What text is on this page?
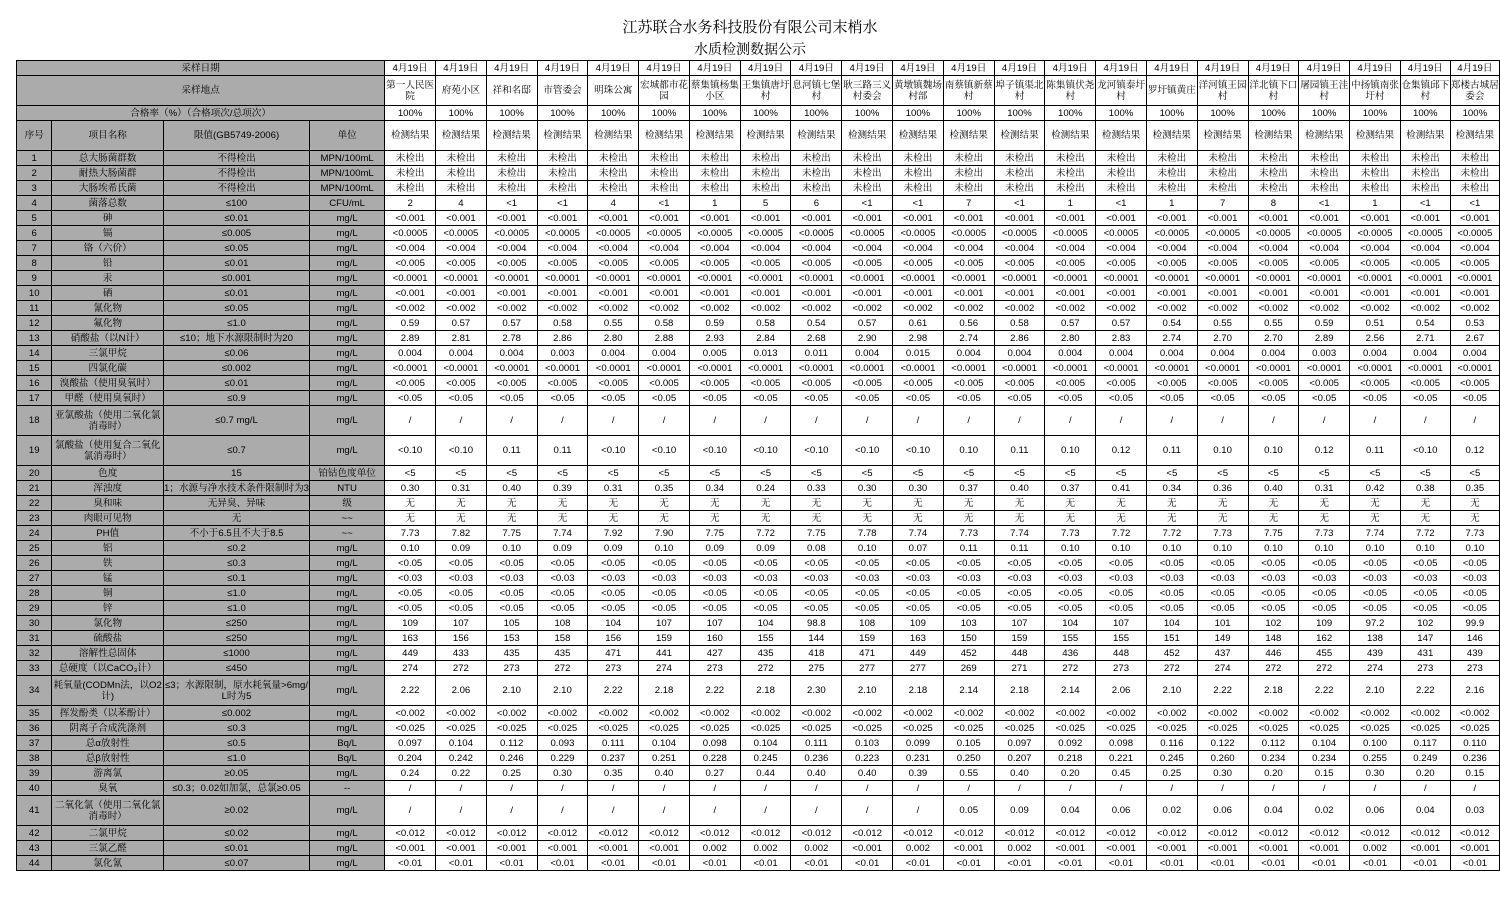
江苏联合水务科技股份有限公司末梢水
水质检测数据公示
采样日期				4月19日	4月19日	4月19日	4月19日	4月19日	4月19日	4月19日	4月19日	4月19日	4月19日	4月19日	4月19日	4月19日	4月19日	4月19日	4月19日	4月19日	4月19日	4月19日	4月19日	4月19日	4月19日
采样地点				第一人民医院	府苑小区	祥和名邸	市管委会	明珠公寓	宏城都市花园	蔡集镇杨集小区	王集镇唐圩村	息河镇七堡村	耿三路三义村委会	黄墩镇魏场村部	南蔡镇新蔡村	埠子镇渠北村	陈集镇伏尧村	龙河镇泰圩村	罗圩镇黄庄	洋河镇王园村	洋北镇下口村	屠园镇王洼村	中扬镇南张圩村	仓集镇邱下村	郑楼古城居委会
合格率（%）（合格项次/总项次）				100%	100%	100%	100%	100%	100%	100%	100%	100%	100%	100%	100%	100%	100%	100%	100%	100%	100%	100%	100%	100%	100%
序号	项目名称	限值(GB5749-2006)	单位	检测结果	检测结果	检测结果	检测结果	检测结果	检测结果	检测结果	检测结果	检测结果	检测结果	检测结果	检测结果	检测结果	检测结果	检测结果	检测结果	检测结果	检测结果	检测结果	检测结果	检测结果	检测结果
1	总大肠菌群数	不得检出	MPN/100mL	未检出	未检出	未检出	未检出	未检出	未检出	未检出	未检出	未检出	未检出	未检出	未检出	未检出	未检出	未检出	未检出	未检出	未检出	未检出	未检出	未检出	未检出
2	耐热大肠菌群	不得检出	MPN/100mL	未检出	未检出	未检出	未检出	未检出	未检出	未检出	未检出	未检出	未检出	未检出	未检出	未检出	未检出	未检出	未检出	未检出	未检出	未检出	未检出	未检出	未检出
3	大肠埃希氏菌	不得检出	MPN/100mL	未检出	未检出	未检出	未检出	未检出	未检出	未检出	未检出	未检出	未检出	未检出	未检出	未检出	未检出	未检出	未检出	未检出	未检出	未检出	未检出	未检出	未检出
4	菌落总数	≤100	CFU/mL	2	4	<1	<1	4	<1	1	5	6	<1	<1	7	<1	1	<1	1	7	8	<1	1	<1	<1
5	砷	≤0.01	mg/L	<0.001	<0.001	<0.001	<0.001	<0.001	<0.001	<0.001	<0.001	<0.001	<0.001	<0.001	<0.001	<0.001	<0.001	<0.001	<0.001	<0.001	<0.001	<0.001	<0.001	<0.001	<0.001
6	镉	≤0.005	mg/L	<0.0005	<0.0005	<0.0005	<0.0005	<0.0005	<0.0005	<0.0005	<0.0005	<0.0005	<0.0005	<0.0005	<0.0005	<0.0005	<0.0005	<0.0005	<0.0005	<0.0005	<0.0005	<0.0005	<0.0005	<0.0005	<0.0005
7	铬（六价）	≤0.05	mg/L	<0.004	<0.004	<0.004	<0.004	<0.004	<0.004	<0.004	<0.004	<0.004	<0.004	<0.004	<0.004	<0.004	<0.004	<0.004	<0.004	<0.004	<0.004	<0.004	<0.004	<0.004	<0.004
8	铅	≤0.01	mg/L	<0.005	<0.005	<0.005	<0.005	<0.005	<0.005	<0.005	<0.005	<0.005	<0.005	<0.005	<0.005	<0.005	<0.005	<0.005	<0.005	<0.005	<0.005	<0.005	<0.005	<0.005	<0.005
9	汞	≤0.001	mg/L	<0.0001	<0.0001	<0.0001	<0.0001	<0.0001	<0.0001	<0.0001	<0.0001	<0.0001	<0.0001	<0.0001	<0.0001	<0.0001	<0.0001	<0.0001	<0.0001	<0.0001	<0.0001	<0.0001	<0.0001	<0.0001	<0.0001
10	硒	≤0.01	mg/L	<0.001	<0.001	<0.001	<0.001	<0.001	<0.001	<0.001	<0.001	<0.001	<0.001	<0.001	<0.001	<0.001	<0.001	<0.001	<0.001	<0.001	<0.001	<0.001	<0.001	<0.001	<0.001
11	氰化物	≤0.05	mg/L	<0.002	<0.002	<0.002	<0.002	<0.002	<0.002	<0.002	<0.002	<0.002	<0.002	<0.002	<0.002	<0.002	<0.002	<0.002	<0.002	<0.002	<0.002	<0.002	<0.002	<0.002	<0.002
12	氟化物	≤1.0	mg/L	0.59	0.57	0.57	0.58	0.55	0.58	0.59	0.58	0.54	0.57	0.61	0.56	0.58	0.57	0.57	0.54	0.55	0.55	0.59	0.51	0.54	0.53
13	硝酸盐（以N计）	≤10；地下水源限制时为20	mg/L	2.89	2.81	2.78	2.86	2.80	2.88	2.93	2.84	2.68	2.90	2.98	2.74	2.86	2.80	2.83	2.74	2.70	2.70	2.89	2.56	2.71	2.67
14	三氯甲烷	≤0.06	mg/L	0.004	0.004	0.004	0.003	0.004	0.004	0.005	0.013	0.011	0.004	0.015	0.004	0.004	0.004	0.004	0.004	0.004	0.004	0.003	0.004	0.004	0.004
15	四氯化碳	≤0.002	mg/L	<0.0001	<0.0001	<0.0001	<0.0001	<0.0001	<0.0001	<0.0001	<0.0001	<0.0001	<0.0001	<0.0001	<0.0001	<0.0001	<0.0001	<0.0001	<0.0001	<0.0001	<0.0001	<0.0001	<0.0001	<0.0001	<0.0001
16	溴酸盐（使用臭氧时）	≤0.01	mg/L	<0.005	<0.005	<0.005	<0.005	<0.005	<0.005	<0.005	<0.005	<0.005	<0.005	<0.005	<0.005	<0.005	<0.005	<0.005	<0.005	<0.005	<0.005	<0.005	<0.005	<0.005	<0.005
17	甲醛（使用臭氧时）	≤0.9	mg/L	<0.05	<0.05	<0.05	<0.05	<0.05	<0.05	<0.05	<0.05	<0.05	<0.05	<0.05	<0.05	<0.05	<0.05	<0.05	<0.05	<0.05	<0.05	<0.05	<0.05	<0.05	<0.05
18	亚氯酸盐（使用二氧化氯消毒时）	≤0.7 mg/L	mg/L	/	/	/	/	/	/	/	/	/	/	/	/	/	/	/	/	/	/	/	/	/	/
19	氯酸盐（使用复合二氧化氯消毒时）	≤0.7	mg/L	<0.10	<0.10	0.11	0.11	<0.10	<0.10	<0.10	<0.10	<0.10	<0.10	<0.10	0.10	0.11	0.10	0.12	0.11	0.10	0.10	0.12	0.11	<0.10	0.12
20	色度	15	铂钴色度单位	<5	<5	<5	<5	<5	<5	<5	<5	<5	<5	<5	<5	<5	<5	<5	<5	<5	<5	<5	<5	<5	<5
21	浑浊度	1；水源与净水技术条件限制时为3	NTU	0.30	0.31	0.40	0.39	0.31	0.35	0.34	0.24	0.33	0.30	0.30	0.37	0.40	0.37	0.41	0.34	0.36	0.40	0.31	0.42	0.38	0.35
22	臭和味	无异臭、异味	级	无	无	无	无	无	无	无	无	无	无	无	无	无	无	无	无	无	无	无	无	无	无
23	肉眼可见物	无	~~	无	无	无	无	无	无	无	无	无	无	无	无	无	无	无	无	无	无	无	无	无	无
24	PH值	不小于6.5且不大于8.5	~~	7.73	7.82	7.75	7.74	7.92	7.90	7.75	7.72	7.75	7.78	7.74	7.73	7.74	7.73	7.72	7.72	7.73	7.75	7.73	7.74	7.72	7.73
25	铝	≤0.2	mg/L	0.10	0.09	0.10	0.09	0.09	0.10	0.09	0.09	0.08	0.10	0.07	0.11	0.11	0.10	0.10	0.10	0.10	0.10	0.10	0.10	0.10	0.10
26	铁	≤0.3	mg/L	<0.05	<0.05	<0.05	<0.05	<0.05	<0.05	<0.05	<0.05	<0.05	<0.05	<0.05	<0.05	<0.05	<0.05	<0.05	<0.05	<0.05	<0.05	<0.05	<0.05	<0.05	<0.05
27	锰	≤0.1	mg/L	<0.03	<0.03	<0.03	<0.03	<0.03	<0.03	<0.03	<0.03	<0.03	<0.03	<0.03	<0.03	<0.03	<0.03	<0.03	<0.03	<0.03	<0.03	<0.03	<0.03	<0.03	<0.03
28	铜	≤1.0	mg/L	<0.05	<0.05	<0.05	<0.05	<0.05	<0.05	<0.05	<0.05	<0.05	<0.05	<0.05	<0.05	<0.05	<0.05	<0.05	<0.05	<0.05	<0.05	<0.05	<0.05	<0.05	<0.05
29	锌	≤1.0	mg/L	<0.05	<0.05	<0.05	<0.05	<0.05	<0.05	<0.05	<0.05	<0.05	<0.05	<0.05	<0.05	<0.05	<0.05	<0.05	<0.05	<0.05	<0.05	<0.05	<0.05	<0.05	<0.05
30	氯化物	≤250	mg/L	109	107	105	108	104	107	107	104	98.8	108	109	103	107	104	107	104	101	102	109	97.2	102	99.9
31	硫酸盐	≤250	mg/L	163	156	153	158	156	159	160	155	144	159	163	150	159	155	155	151	149	148	162	138	147	146
32	溶解性总固体	≤1000	mg/L	449	433	435	435	471	441	427	435	418	471	449	452	448	436	448	452	437	446	455	439	431	439
33	总硬度（以CaCO₃计）	≤450	mg/L	274	272	273	272	273	274	273	272	275	277	277	269	271	272	273	272	274	272	272	274	273	273
34	耗氧量(CODMn法，以O2计)	≤3；水源限制，原水耗氧量>6mg/L时为5	mg/L	2.22	2.06	2.10	2.10	2.22	2.18	2.22	2.18	2.30	2.10	2.18	2.14	2.18	2.14	2.06	2.10	2.22	2.18	2.22	2.10	2.22	2.16
35	挥发酚类（以苯酚计）	≤0.002	mg/L	<0.002	<0.002	<0.002	<0.002	<0.002	<0.002	<0.002	<0.002	<0.002	<0.002	<0.002	<0.002	<0.002	<0.002	<0.002	<0.002	<0.002	<0.002	<0.002	<0.002	<0.002	<0.002
36	阴离子合成洗涤剂	≤0.3	mg/L	<0.025	<0.025	<0.025	<0.025	<0.025	<0.025	<0.025	<0.025	<0.025	<0.025	<0.025	<0.025	<0.025	<0.025	<0.025	<0.025	<0.025	<0.025	<0.025	<0.025	<0.025	<0.025
37	总α放射性	≤0.5	Bq/L	0.097	0.104	0.112	0.093	0.111	0.104	0.098	0.104	0.111	0.103	0.099	0.105	0.097	0.092	0.098	0.116	0.122	0.112	0.104	0.100	0.117	0.110
38	总β放射性	≤1.0	Bq/L	0.204	0.242	0.246	0.229	0.237	0.251	0.228	0.245	0.236	0.223	0.231	0.250	0.207	0.218	0.221	0.245	0.260	0.234	0.234	0.255	0.249	0.236
39	游离氯	≥0.05	mg/L	0.24	0.22	0.25	0.30	0.35	0.40	0.27	0.44	0.40	0.40	0.39	0.55	0.40	0.20	0.45	0.25	0.30	0.20	0.15	0.30	0.20	0.15
40	臭氧	≤0.3；0.02如加氯，总氯≥0.05	--	/	/	/	/	/	/	/	/	/	/	/	/	/	/	/	/	/	/	/	/	/	/
41	二氧化氯（使用二氧化氯消毒时）	≥0.02	mg/L	/	/	/	/	/	/	/	/	/	/	/	0.05	0.09	0.04	0.06	0.02	0.06	0.04	0.02	0.06	0.04	0.03
42	二氯甲烷	≤0.02	mg/L	<0.012	<0.012	<0.012	<0.012	<0.012	<0.012	<0.012	<0.012	<0.012	<0.012	<0.012	<0.012	<0.012	<0.012	<0.012	<0.012	<0.012	<0.012	<0.012	<0.012	<0.012	<0.012
43	三氯乙醛	≤0.01	mg/L	<0.001	<0.001	<0.001	<0.001	<0.001	<0.001	0.002	0.002	0.002	<0.001	0.002	<0.001	0.002	<0.001	<0.001	<0.001	<0.001	<0.001	<0.001	0.002	<0.001	<0.001
44	氯化氰	≤0.07	mg/L	<0.01	<0.01	<0.01	<0.01	<0.01	<0.01	<0.01	<0.01	<0.01	<0.01	<0.01	<0.01	<0.01	<0.01	<0.01	<0.01	<0.01	<0.01	<0.01	<0.01	<0.01	<0.01
